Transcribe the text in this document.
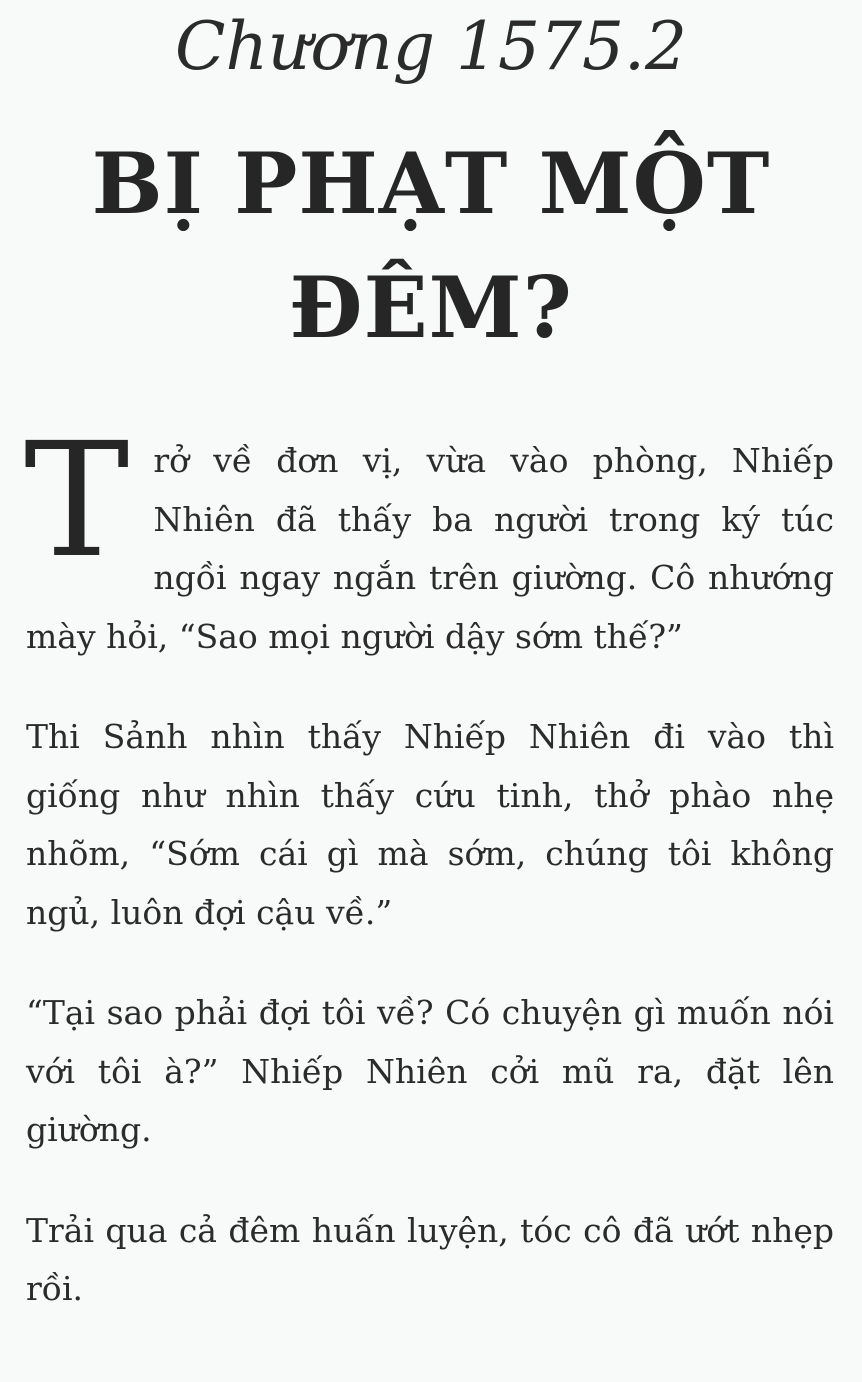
Chương 1575.2
BỊ PHẠT MỘT
ĐÊM?

Trở về đơn vị, vừa vào phòng, Nhiếp Nhiên đã thấy ba người trong ký túc ngồi ngay ngắn trên giường. Cô nhướng mày hỏi, “Sao mọi người dậy sớm thế?”

Thi Sảnh nhìn thấy Nhiếp Nhiên đi vào thì giống như nhìn thấy cứu tinh, thở phào nhẹ nhõm, “Sớm cái gì mà sớm, chúng tôi không ngủ, luôn đợi cậu về.”

“Tại sao phải đợi tôi về? Có chuyện gì muốn nói với tôi à?” Nhiếp Nhiên cởi mũ ra, đặt lên giường.

Trải qua cả đêm huấn luyện, tóc cô đã ướt nhẹp rồi.
